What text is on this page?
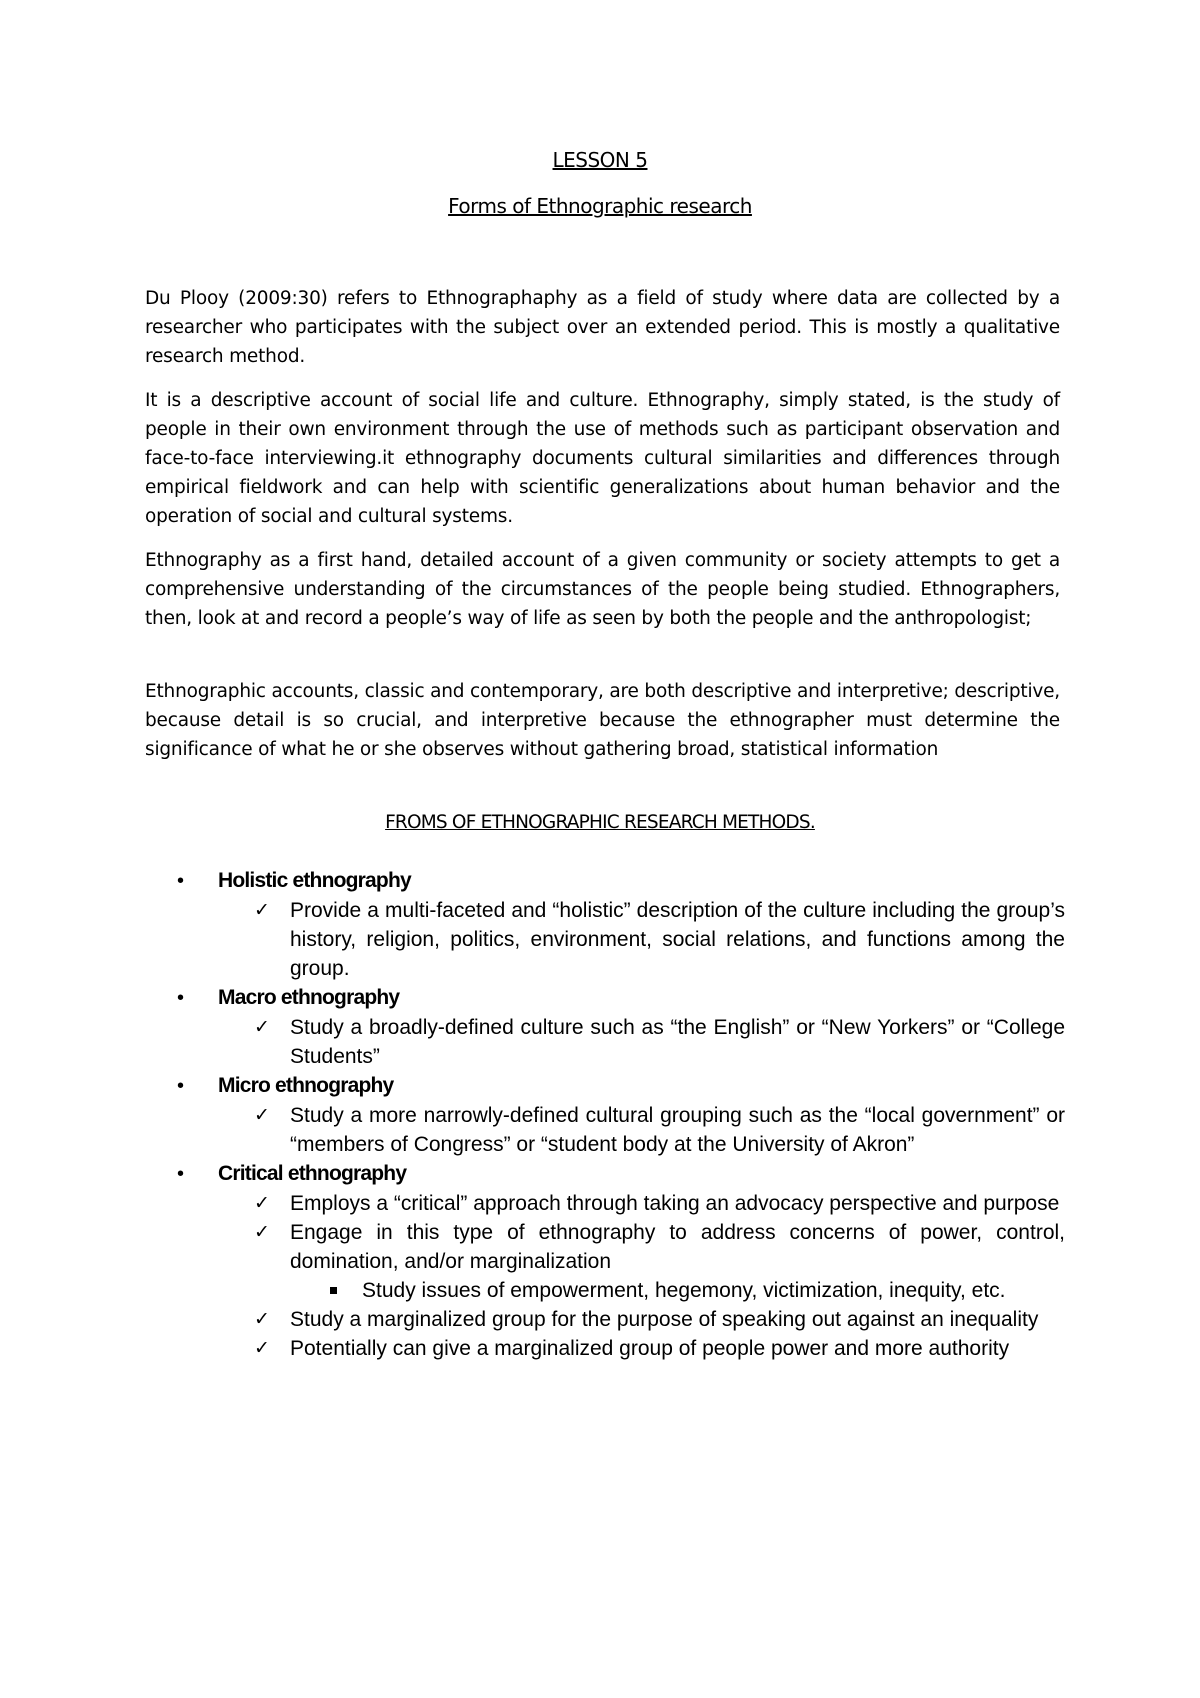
LESSON 5
Forms of Ethnographic research

Du Plooy (2009:30) refers to Ethnographaphy as a field of study where data are collected by a researcher who participates with the subject over an extended period. This is mostly a qualitative research method.

It is a descriptive account of social life and culture. Ethnography, simply stated, is the study of people in their own environment through the use of methods such as participant observation and face-to-face interviewing.it ethnography documents cultural similarities and differences through empirical fieldwork and can help with scientific generalizations about human behavior and the operation of social and cultural systems.

Ethnography as a first hand, detailed account of a given community or society attempts to get a comprehensive understanding of the circumstances of the people being studied. Ethnographers, then, look at and record a people’s way of life as seen by both the people and the anthropologist;

Ethnographic accounts, classic and contemporary, are both descriptive and interpretive; descriptive, because detail is so crucial, and interpretive because the ethnographer must determine the significance of what he or she observes without gathering broad, statistical information

FROMS OF ETHNOGRAPHIC RESEARCH METHODS.
• Holistic ethnography
✓ Provide a multi-faceted and “holistic” description of the culture including the group’s history, religion, politics, environment, social relations, and functions among the group.
• Macro ethnography
✓ Study a broadly-defined culture such as “the English” or “New Yorkers” or “College Students”
• Micro ethnography
✓ Study a more narrowly-defined cultural grouping such as the “local government” or “members of Congress” or “student body at the University of Akron”
• Critical ethnography
✓ Employs a “critical” approach through taking an advocacy perspective and purpose
✓ Engage in this type of ethnography to address concerns of power, control, domination, and/or marginalization
Study issues of empowerment, hegemony, victimization, inequity, etc.
✓ Study a marginalized group for the purpose of speaking out against an inequality
✓ Potentially can give a marginalized group of people power and more authority
